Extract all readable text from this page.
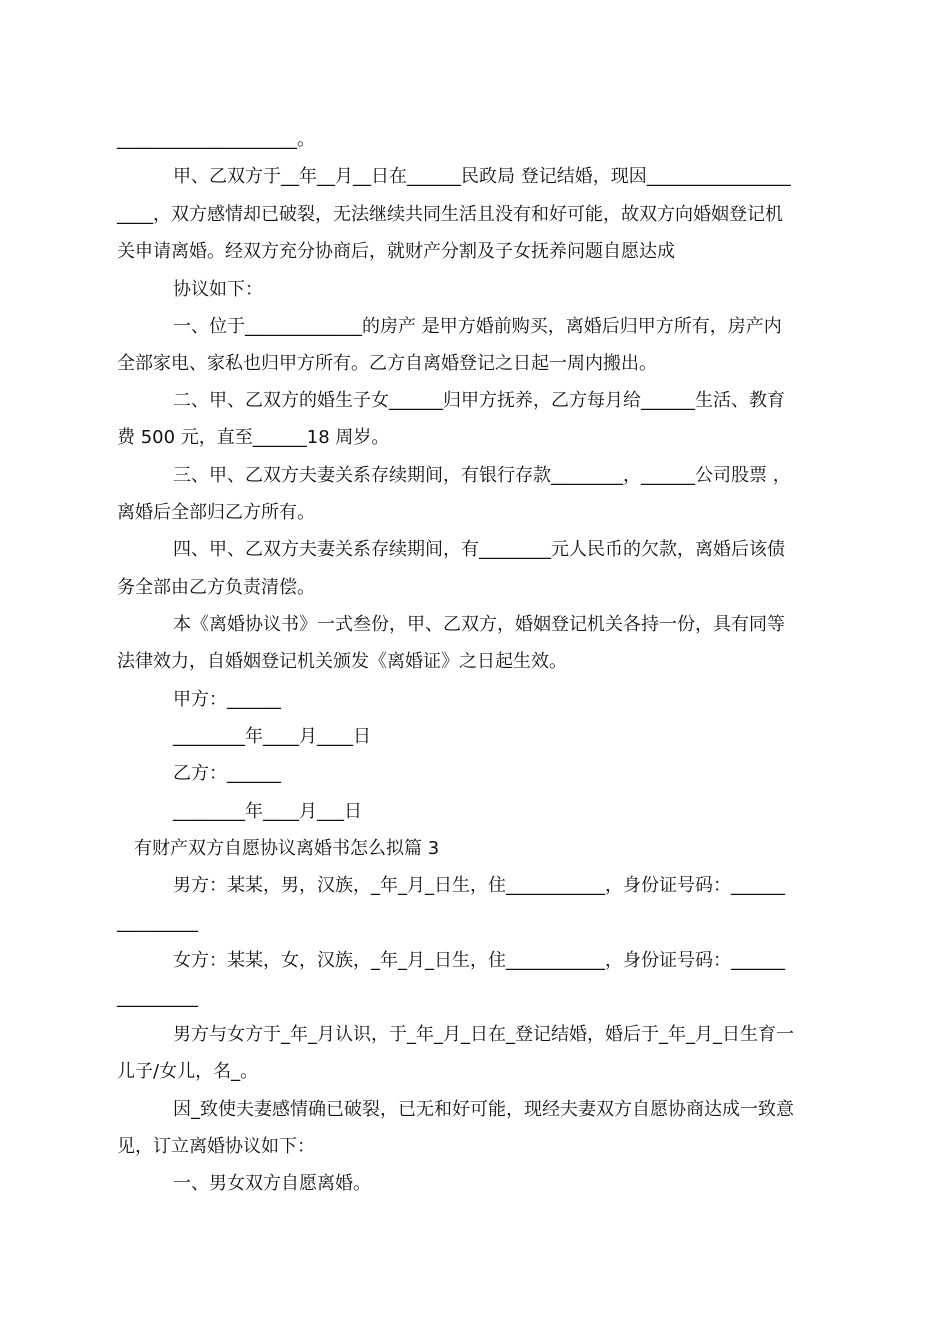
____________________。
甲、乙双方于__年__月__日在______民政局 登记结婚，现因________________
____，双方感情却已破裂，无法继续共同生活且没有和好可能，故双方向婚姻登记机
关申请离婚。经双方充分协商后，就财产分割及子女抚养问题自愿达成
协议如下：
一、位于_____________的房产 是甲方婚前购买，离婚后归甲方所有，房产内
全部家电、家私也归甲方所有。乙方自离婚登记之日起一周内搬出。
二、甲、乙双方的婚生子女______归甲方抚养，乙方每月给______生活、教育
费 500 元，直至______18 周岁。
三、甲、乙双方夫妻关系存续期间，有银行存款________，______公司股票 ，
离婚后全部归乙方所有。
四、甲、乙双方夫妻关系存续期间，有________元人民币的欠款，离婚后该债
务全部由乙方负责清偿。
本《离婚协议书》一式叁份，甲、乙双方，婚姻登记机关各持一份，具有同等
法律效力，自婚姻登记机关颁发《离婚证》之日起生效。
甲方：______
________年____月____日
乙方：______
________年____月___日
有财产双方自愿协议离婚书怎么拟篇 3
男方：某某，男，汉族，_年_月_日生，住___________，身份证号码：______
_________
女方：某某，女，汉族，_年_月_日生，住___________，身份证号码：______
_________
男方与女方于_年_月认识，于_年_月_日在_登记结婚，婚后于_年_月_日生育一
儿子/女儿，名_。
因_致使夫妻感情确已破裂，已无和好可能，现经夫妻双方自愿协商达成一致意
见，订立离婚协议如下：
一、男女双方自愿离婚。
